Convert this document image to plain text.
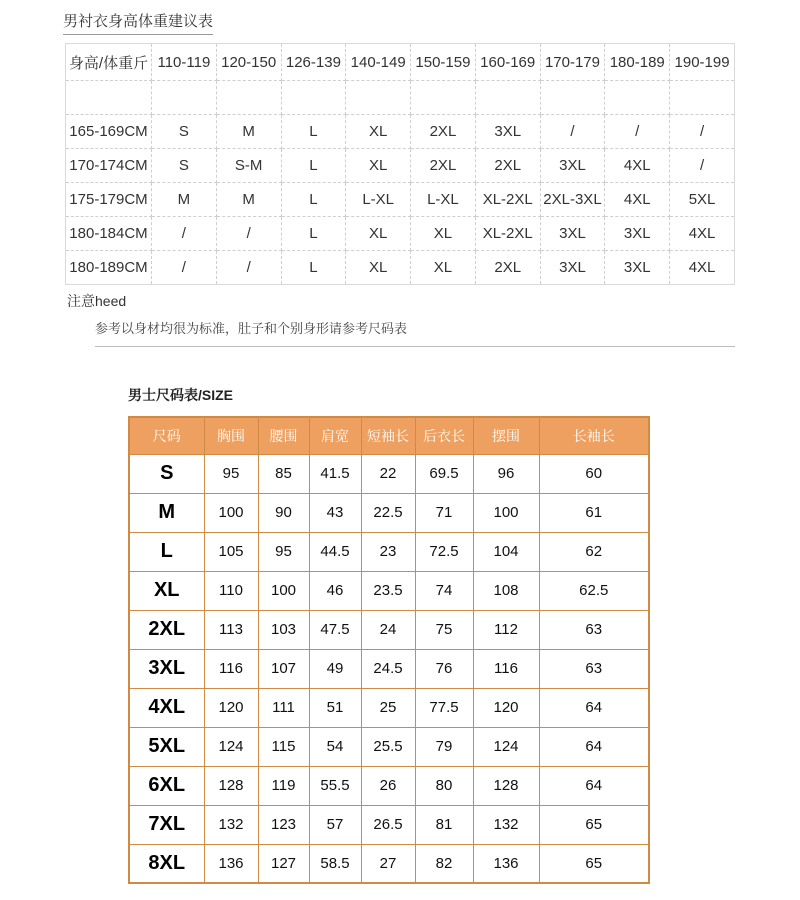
男衬衣身高体重建议表
身高/体重斤	110-119	120-150	126-139	140-149	150-159	160-169	170-179	180-189	190-199

165-169CM	S	M	L	XL	2XL	3XL	/	/	/
170-174CM	S	S-M	L	XL	2XL	2XL	3XL	4XL	/
175-179CM	M	M	L	L-XL	L-XL	XL-2XL	2XL-3XL	4XL	5XL
180-184CM	/	/	L	XL	XL	XL-2XL	3XL	3XL	4XL
180-189CM	/	/	L	XL	XL	2XL	3XL	3XL	4XL
注意heed
参考以身材均很为标准，肚子和个别身形请参考尺码表
男士尺码表/SIZE
尺码	胸围	腰围	肩宽	短袖长	后衣长	摆围	长袖长
S	95	85	41.5	22	69.5	96	60
M	100	90	43	22.5	71	100	61
L	105	95	44.5	23	72.5	104	62
XL	110	100	46	23.5	74	108	62.5
2XL	113	103	47.5	24	75	112	63
3XL	116	107	49	24.5	76	116	63
4XL	120	111	51	25	77.5	120	64
5XL	124	115	54	25.5	79	124	64
6XL	128	119	55.5	26	80	128	64
7XL	132	123	57	26.5	81	132	65
8XL	136	127	58.5	27	82	136	65
